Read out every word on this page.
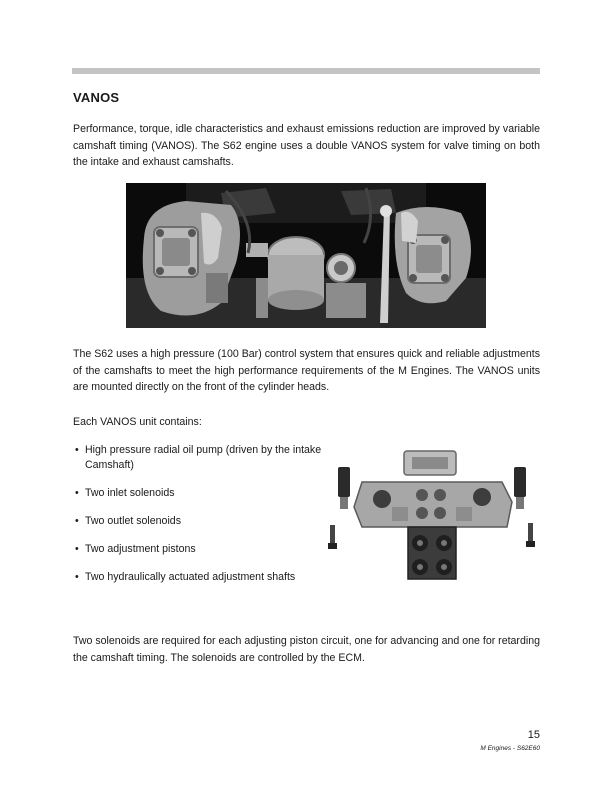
VANOS

Performance, torque, idle characteristics and exhaust emissions reduction are improved by variable camshaft timing (VANOS). The S62 engine uses a double VANOS system for valve timing on both the intake and exhaust camshafts.

The S62 uses a high pressure (100 Bar) control system that ensures quick and reliable adjustments of the camshafts to meet the high performance requirements of the M Engines. The VANOS units are mounted directly on the front of the cylinder heads.

Each VANOS unit contains:

• High pressure radial oil pump (driven by the intake Camshaft)
• Two inlet solenoids
• Two outlet solenoids
• Two adjustment pistons
• Two hydraulically actuated adjustment shafts

Two solenoids are required for each adjusting piston circuit, one for advancing and one for retarding the camshaft timing. The solenoids are controlled by the ECM.

15
M Engines - S62E60
